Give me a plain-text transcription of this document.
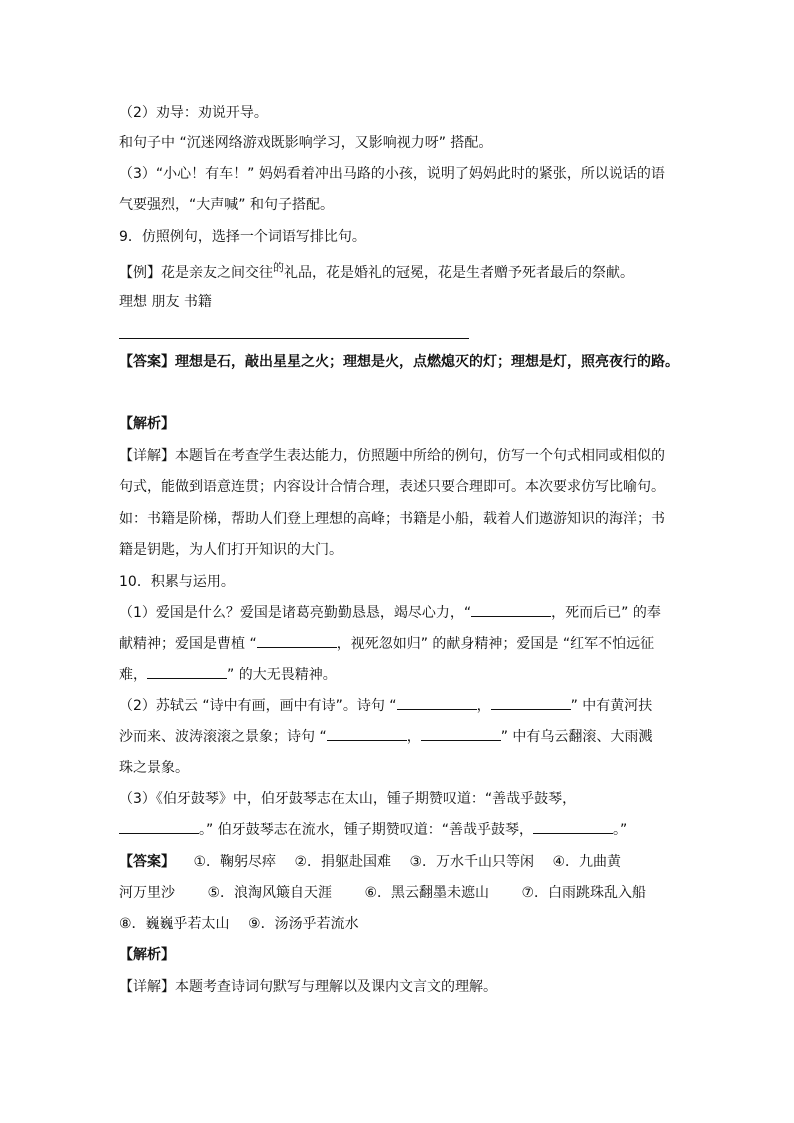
（2）劝导：劝说开导。
和句子中 “沉迷网络游戏既影响学习，又影响视力呀” 搭配。
（3）“小心！有车！” 妈妈看着冲出马路的小孩，说明了妈妈此时的紧张，所以说话的语
气要强烈，“大声喊” 和句子搭配。
9．仿照例句，选择一个词语写排比句。
【例】花是亲友之间交往$^的$礼品，花是婚礼的冠冕，花是生者赠予死者最后的祭献。
理想 朋友 书籍
【答案】理想是石，敲出星星之火；理想是火，点燃熄灭的灯；理想是灯，照亮夜行的路。
【解析】
【详解】本题旨在考查学生表达能力，仿照题中所给的例句，仿写一个句式相同或相似的
句式，能做到语意连贯；内容设计合情合理，表述只要合理即可。本次要求仿写比喻句。
如：书籍是阶梯，帮助人们登上理想的高峰；书籍是小船，载着人们遨游知识的海洋；书
籍是钥匙，为人们打开知识的大门。
10．积累与运用。
（1）爱国是什么？爱国是诸葛亮勤勤恳恳，竭尽心力，“	，死而后已” 的奉
献精神；爱国是曹植 “	，视死忽如归” 的献身精神；爱国是 “红军不怕远征
难，	” 的大无畏精神。
（2）苏轼云 “诗中有画，画中有诗”。诗句 “	，	” 中有黄河扶
沙而来、波涛滚滚之景象；诗句 “	，	” 中有乌云翻滚、大雨溅
珠之景象。
（3）《伯牙鼓琴》中，伯牙鼓琴志在太山，锺子期赞叹道：“善哉乎鼓琴，
。” 伯牙鼓琴志在流水，锺子期赞叹道：“善哉乎鼓琴，	。”
【答案】 ①．鞠躬尽瘁 ②．捐躯赴国难 ③．万水千山只等闲 ④．九曲黄
河万里沙 ⑤．浪淘风簸自天涯 ⑥．黑云翻墨未遮山 ⑦．白雨跳珠乱入船
⑧．巍巍乎若太山 ⑨．汤汤乎若流水
【解析】
【详解】本题考查诗词句默写与理解以及课内文言文的理解。
